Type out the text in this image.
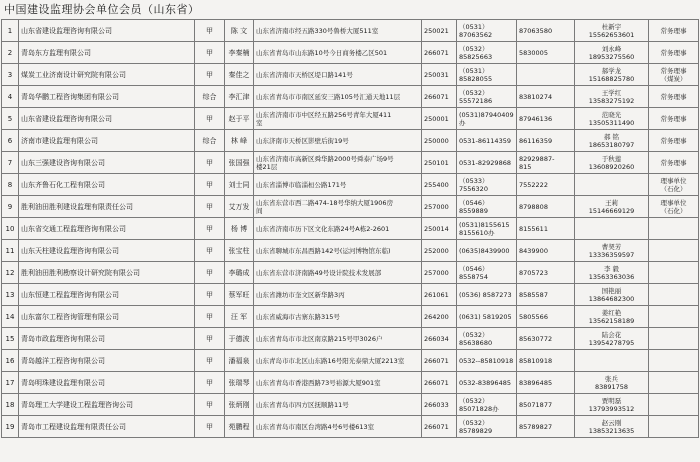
中国建设监理协会单位会员（山东省）
1	山东省建设监理咨询有限公司	甲	陈 文	山东省济南市经五路330号鲁桥大厦511室	250021	（0531）87063562	87063580	杜新宇
15562653601	常务理事

2	青岛东方监理有限公司	甲	李秦楠	山东省青岛市山东路10号今日商务楼乙区501	266071	（0532）85825663	5830005	刘永峰
18953275560	常务理事

3	煤炭工业济南设计研究院有限公司	甲	秦佳之	山东省济南市天桥区堤口路141号	250031	（0531）85828055		郝学龙
15168825780	常务理事
（煤炭）

4	青岛华鹏工程咨询集团有限公司	综合	李汇津	山东省青岛市市南区延安三路105号汇通天地11层	266071	（0532）55572186	83810274	王学红
13583275192	常务理事

5	山东省建设监理咨询有限公司	甲	赵于平	山东省济南市市中区经五路256号青年大厦411
室	250001	(0531)87940409办	87946136	范晓光
13505311490	常务理事

6	济南市建设监理有限公司	综合	林 峰	山东济南市天桥区影壁后街19号	250000	0531-86114359	86116359	郝 铭
18653180797	常务理事

7	山东三强建设咨询有限公司	甲	张国强	山东省济南市高新区舜华路2000号舜泰广场9号
楼21层	250101	0531-82929868	82929887-
815	于秋莲
13608920260	常务理事

8	山东齐鲁石化工程有限公司	甲	刘士同	山东省淄博市临淄桓公路171号	255400	（0533）7556320	7552222		理事单位
（石化）

9	胜利油田胜利建设监理有限责任公司	甲	艾万发	山东省东营市西二路474-18号华纳大厦1906房
间	257000	（0546）8559889	8798808	王莉
15146669129	理事单位
（石化）

10	山东省交通工程监理咨询有限公司	甲	杨 博	山东省济南市历下区文化东路24号A栋2-2601	250014	(0531)8155615
8155610办	8155611		

11	山东天柱建设监理咨询有限公司	甲	张宝柱	山东省聊城市东昌西路142号(运河博物馆东临)	252000	(0635)8439900	8439900	曹契芳
13336359597	

12	胜利油田胜利勘察设计研究院有限公司	甲	李璐成	山东省东营市济南路49号设计院技术发展部	257000	（0546）8558754	8705723	李 毅
13563363036	

13	山东恒建工程监理咨询有限公司	甲	蔡军旺	山东省潍坊市奎文区新华路3丙	261061	(0536) 8587273	8585587	国艳丽
13864682300	

14	山东富尔工程咨询管理有限公司	甲	汪 军	山东省威海市古寨东路315号	264200	(0631) 5819205	5805566	姜红艳
13562158189	

15	青岛市政监理咨询有限公司	甲	于德波	山东省青岛市市北区南京路215号甲3026户	266034	（0532）85638680	85630772	陆会花
13954278795	

16	青岛越洋工程咨询有限公司	甲	潘福泉	山东青岛市市北区山东路16号阳光泰鼎大厦2213室	266071	0532--85810918	85810918		

17	青岛明珠建设监理有限公司	甲	张瑞琴	山东省青岛市香港西路73号裕源大厦901室	266071	0532-83896485	83896485	张兵
83891758	

18	青岛理工大学建设工程监理咨询公司	甲	张炳刚	山东省青岛市四方区抚顺路11号	266033	（0532）85071828办	85071877	贾明磊
13793993512	

19	青岛市工程建设监理有限责任公司	甲	苑鹏程	山东省青岛市南区台湾路4号6号楼613室	266071	（0532）85789829	85789827	赵云刚
13853213635	
